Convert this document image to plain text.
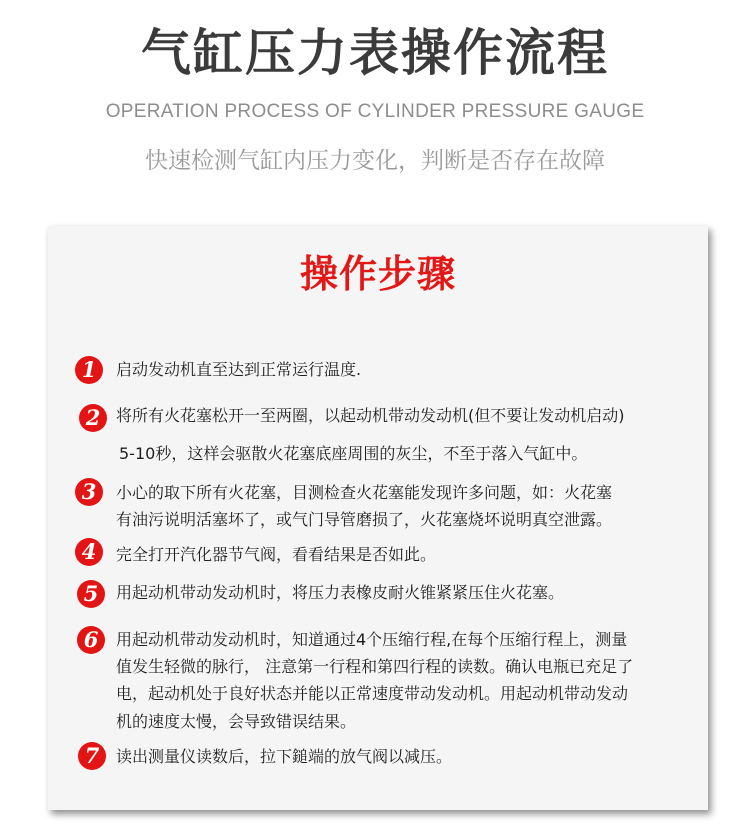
气缸压力表操作流程
OPERATION PROCESS OF CYLINDER PRESSURE GAUGE
快速检测气缸内压力变化，判断是否存在故障
操作步骤
1	启动发动机直至达到正常运行温度.
2 将所有火花塞松开一至两圈，以起动机带动发动机(但不要让发动机启动)
5-10秒，这样会驱散火花塞底座周围的灰尘，不至于落入气缸中。
3	小心的取下所有火花塞，目测检查火花塞能发现许多问题，如：火花塞
有油污说明活塞坏了，或气门导管磨损了，火花塞烧坏说明真空泄露。
4	完全打开汽化器节气阀，看看结果是否如此。
5	用起动机带动发动机时，将压力表橡皮耐火锥紧紧压住火花塞。
6	用起动机带动发动机时，知道通过4个压缩行程,在每个压缩行程上，测量
值发生轻微的脉行， 注意第一行程和第四行程的读数。确认电瓶已充足了
电，起动机处于良好状态并能以正常速度带动发动机。用起动机带动发动
机的速度太慢，会导致错误结果。
7	读出测量仪读数后，拉下鎚端的放气阀以减压。
